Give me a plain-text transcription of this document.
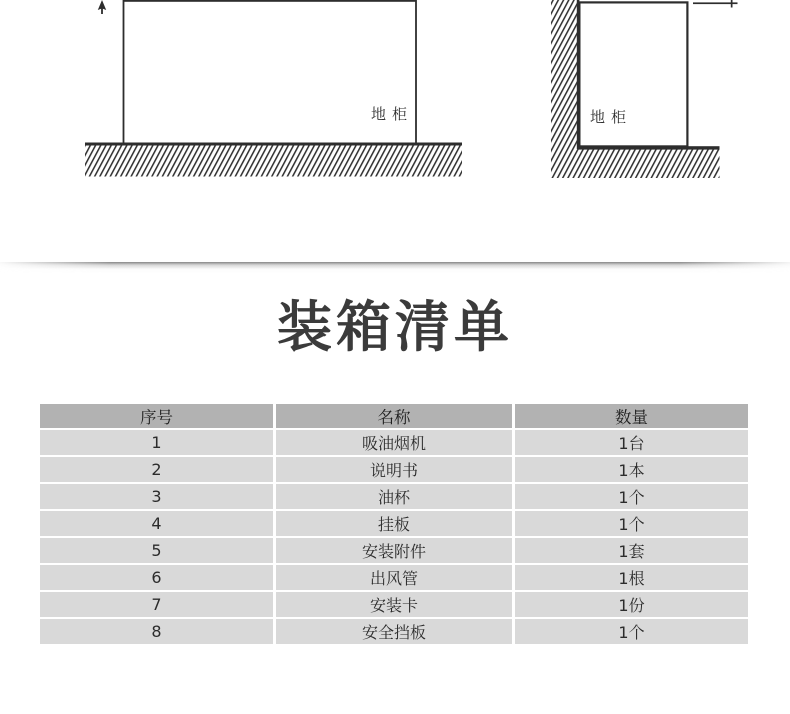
地柜	地柜
装箱清单
序号	名称	数量
1	吸油烟机	1台
2	说明书	1本
3	油杯	1个
4	挂板	1个
5	安装附件	1套
6	出风管	1根
7	安装卡	1份
8	安全挡板	1个
